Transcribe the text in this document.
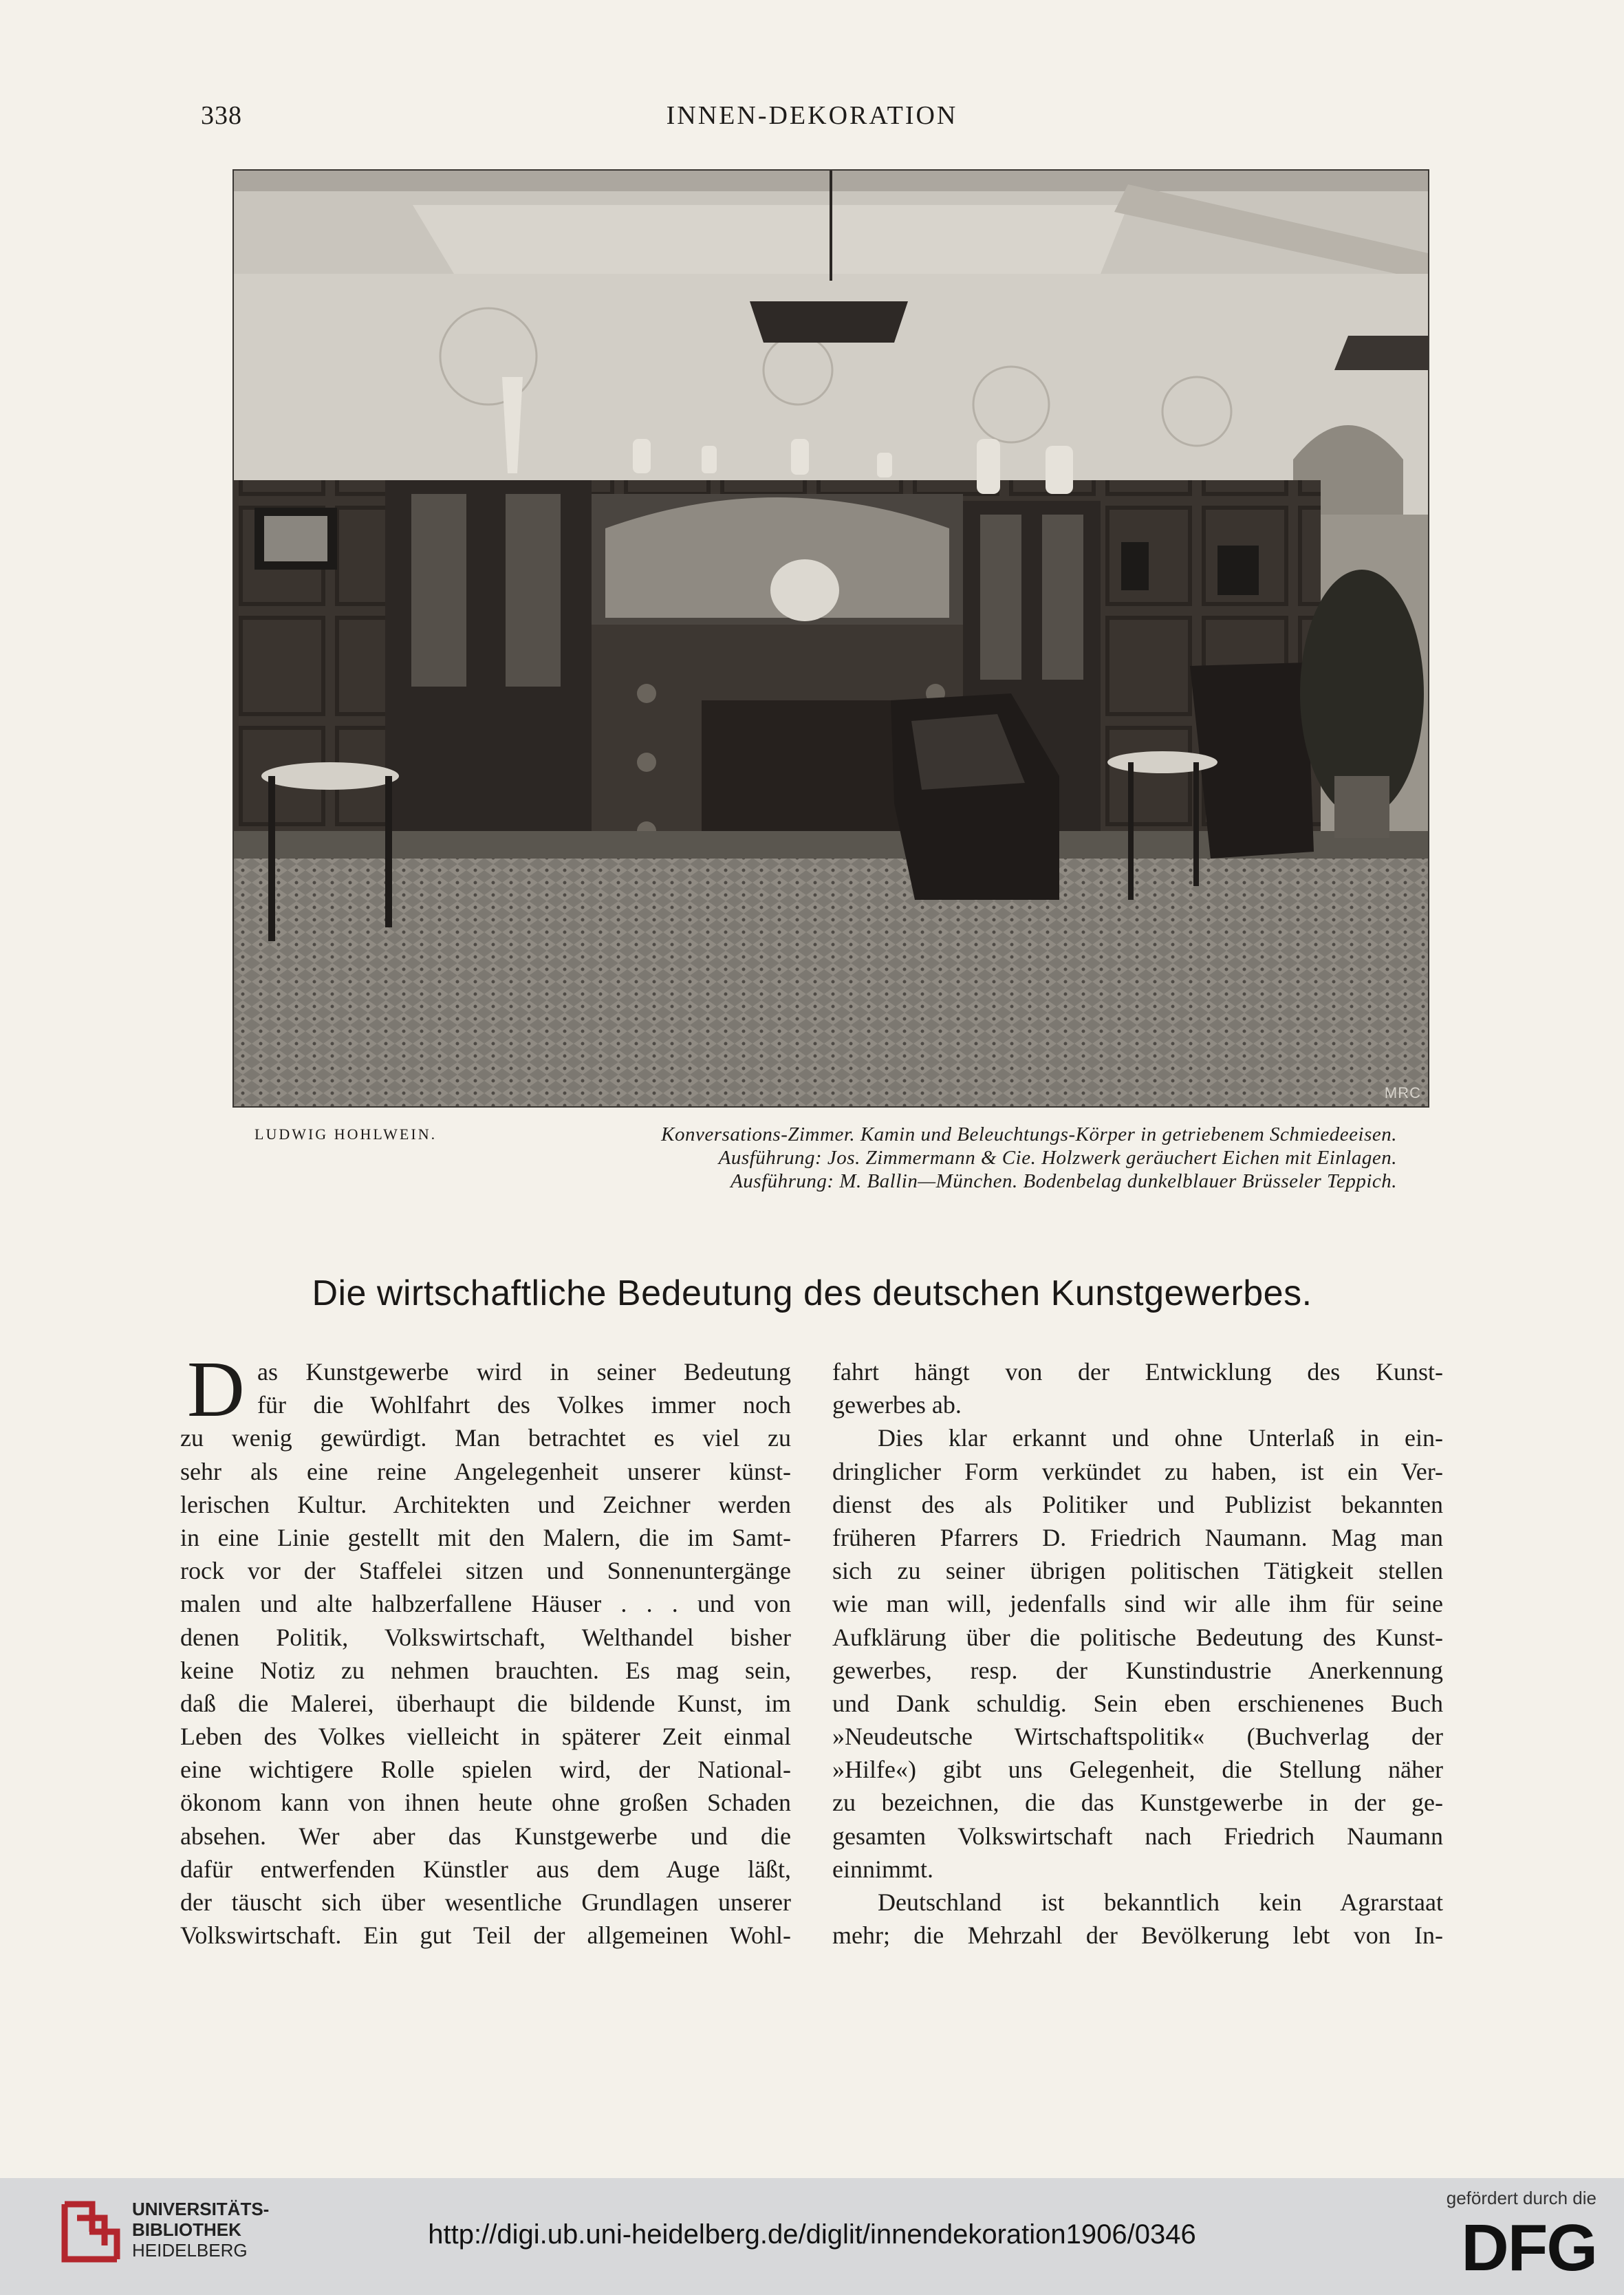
338	INNEN-DEKORATION
MRC
LUDWIG HOHLWEIN.	Konversations-Zimmer. Kamin und Beleuchtungs-Körper in getriebenem Schmiedeeisen.
Ausführung: Jos. Zimmermann & Cie. Holzwerk geräuchert Eichen mit Einlagen.
Ausführung: M. Ballin—München. Bodenbelag dunkelblauer Brüsseler Teppich.
Die wirtschaftliche Bedeutung des deutschen Kunstgewerbes.
D as Kunstgewerbe wird in seiner Bedeutung
für die Wohlfahrt des Volkes immer noch
zu wenig gewürdigt. Man betrachtet es viel zu
sehr als eine reine Angelegenheit unserer künst-
lerischen Kultur. Architekten und Zeichner werden
in eine Linie gestellt mit den Malern, die im Samt-
rock vor der Staffelei sitzen und Sonnenuntergänge
malen und alte halbzerfallene Häuser . . . und von
denen Politik, Volkswirtschaft, Welthandel bisher
keine Notiz zu nehmen brauchten. Es mag sein,
daß die Malerei, überhaupt die bildende Kunst, im
Leben des Volkes vielleicht in späterer Zeit einmal
eine wichtigere Rolle spielen wird, der National-
ökonom kann von ihnen heute ohne großen Schaden
absehen. Wer aber das Kunstgewerbe und die
dafür entwerfenden Künstler aus dem Auge läßt,
der täuscht sich über wesentliche Grundlagen unserer
Volkswirtschaft. Ein gut Teil der allgemeinen Wohl-
fahrt hängt von der Entwicklung des Kunst-
gewerbes ab.
Dies klar erkannt und ohne Unterlaß in ein-
dringlicher Form verkündet zu haben, ist ein Ver-
dienst des als Politiker und Publizist bekannten
früheren Pfarrers D. Friedrich Naumann. Mag man
sich zu seiner übrigen politischen Tätigkeit stellen
wie man will, jedenfalls sind wir alle ihm für seine
Aufklärung über die politische Bedeutung des Kunst-
gewerbes, resp. der Kunstindustrie Anerkennung
und Dank schuldig. Sein eben erschienenes Buch
»Neudeutsche Wirtschaftspolitik« (Buchverlag der
»Hilfe«) gibt uns Gelegenheit, die Stellung näher
zu bezeichnen, die das Kunstgewerbe in der ge-
gesamten Volkswirtschaft nach Friedrich Naumann
einnimmt.
Deutschland ist bekanntlich kein Agrarstaat
mehr; die Mehrzahl der Bevölkerung lebt von In-
UNIVERSITÄTS-
BIBLIOTHEK
HEIDELBERG
http://digi.ub.uni-heidelberg.de/diglit/innendekoration1906/0346
gefördert durch die
DFG
